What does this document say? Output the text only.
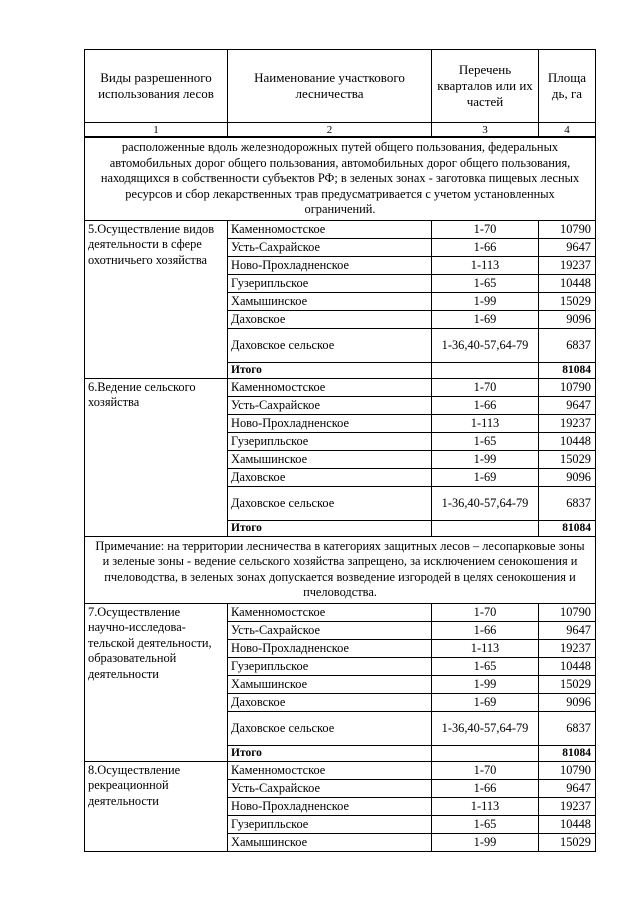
Виды разрешенного использования лесов	Наименование участкового лесничества	Перечень кварталов или их частей	Площа дь, га
1	2	3	4
расположенные вдоль железнодорожных путей общего пользования, федеральных автомобильных дорог общего пользования, автомобильных дорог общего пользования, находящихся в собственности субъектов РФ; в зеленых зонах - заготовка пищевых лесных ресурсов и сбор лекарственных трав предусматривается с учетом установленных ограничений.			
5.Осуществление видов деятельности в сфере охотничьего хозяйства	Каменномостское	1-70	10790
	Усть-Сахрайское	1-66	9647
	Ново-Прохладненское	1-113	19237
	Гузерипльское	1-65	10448
	Хамышинское	1-99	15029
	Даховское	1-69	9096
	Даховское сельское	1-36,40-57,64-79	6837
	Итого		81084
6.Ведение сельского хозяйства	Каменномостское	1-70	10790
	Усть-Сахрайское	1-66	9647
	Ново-Прохладненское	1-113	19237
	Гузерипльское	1-65	10448
	Хамышинское	1-99	15029
	Даховское	1-69	9096
	Даховское сельское	1-36,40-57,64-79	6837
	Итого		81084
Примечание: на территории лесничества в категориях защитных лесов – лесопарковые зоны и зеленые зоны - ведение сельского хозяйства запрещено, за исключением сенокошения и пчеловодства, в зеленых зонах допускается возведение изгородей в целях сенокошения и пчеловодства.			
7.Осуществление научно-исследова-тельской деятельности, образовательной деятельности	Каменномостское	1-70	10790
	Усть-Сахрайское	1-66	9647
	Ново-Прохладненское	1-113	19237
	Гузерипльское	1-65	10448
	Хамышинское	1-99	15029
	Даховское	1-69	9096
	Даховское сельское	1-36,40-57,64-79	6837
	Итого		81084
8.Осуществление рекреационной деятельности	Каменномостское	1-70	10790
	Усть-Сахрайское	1-66	9647
	Ново-Прохладненское	1-113	19237
	Гузерипльское	1-65	10448
	Хамышинское	1-99	15029
